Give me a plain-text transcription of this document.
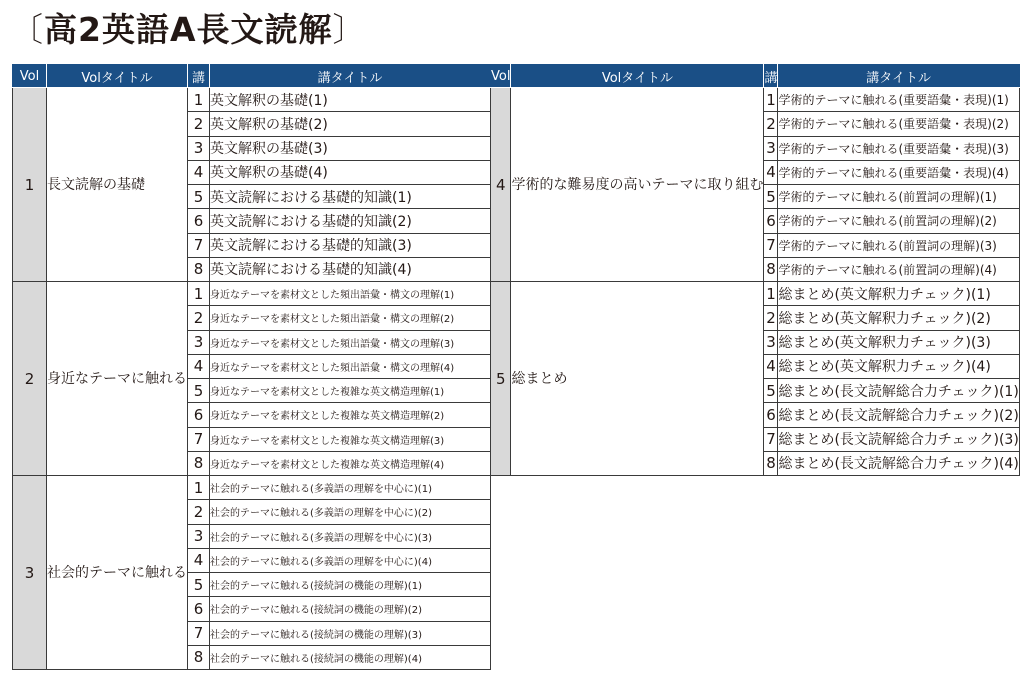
〔高2英語A長文読解〕
Vol	Volタイトル	講	講タイトル
1	長文読解の基礎	1	英文解釈の基礎(1)
		2	英文解釈の基礎(2)
		3	英文解釈の基礎(3)
		4	英文解釈の基礎(4)
		5	英文読解における基礎的知識(1)
		6	英文読解における基礎的知識(2)
		7	英文読解における基礎的知識(3)
		8	英文読解における基礎的知識(4)
2	身近なテーマに触れる	1	身近なテーマを素材文とした頻出語彙・構文の理解(1)
		2	身近なテーマを素材文とした頻出語彙・構文の理解(2)
		3	身近なテーマを素材文とした頻出語彙・構文の理解(3)
		4	身近なテーマを素材文とした頻出語彙・構文の理解(4)
		5	身近なテーマを素材文とした複雑な英文構造理解(1)
		6	身近なテーマを素材文とした複雑な英文構造理解(2)
		7	身近なテーマを素材文とした複雑な英文構造理解(3)
		8	身近なテーマを素材文とした複雑な英文構造理解(4)
3	社会的テーマに触れる	1	社会的テーマに触れる(多義語の理解を中心に)(1)
		2	社会的テーマに触れる(多義語の理解を中心に)(2)
		3	社会的テーマに触れる(多義語の理解を中心に)(3)
		4	社会的テーマに触れる(多義語の理解を中心に)(4)
		5	社会的テーマに触れる(接続詞の機能の理解)(1)
		6	社会的テーマに触れる(接続詞の機能の理解)(2)
		7	社会的テーマに触れる(接続詞の機能の理解)(3)
		8	社会的テーマに触れる(接続詞の機能の理解)(4)
Vol	Volタイトル	講	講タイトル
4	学術的な難易度の高いテーマに取り組む	1	学術的テーマに触れる(重要語彙・表現)(1)
		2	学術的テーマに触れる(重要語彙・表現)(2)
		3	学術的テーマに触れる(重要語彙・表現)(3)
		4	学術的テーマに触れる(重要語彙・表現)(4)
		5	学術的テーマに触れる(前置詞の理解)(1)
		6	学術的テーマに触れる(前置詞の理解)(2)
		7	学術的テーマに触れる(前置詞の理解)(3)
		8	学術的テーマに触れる(前置詞の理解)(4)
5	総まとめ	1	総まとめ(英文解釈力チェック)(1)
		2	総まとめ(英文解釈力チェック)(2)
		3	総まとめ(英文解釈力チェック)(3)
		4	総まとめ(英文解釈力チェック)(4)
		5	総まとめ(長文読解総合力チェック)(1)
		6	総まとめ(長文読解総合力チェック)(2)
		7	総まとめ(長文読解総合力チェック)(3)
		8	総まとめ(長文読解総合力チェック)(4)
